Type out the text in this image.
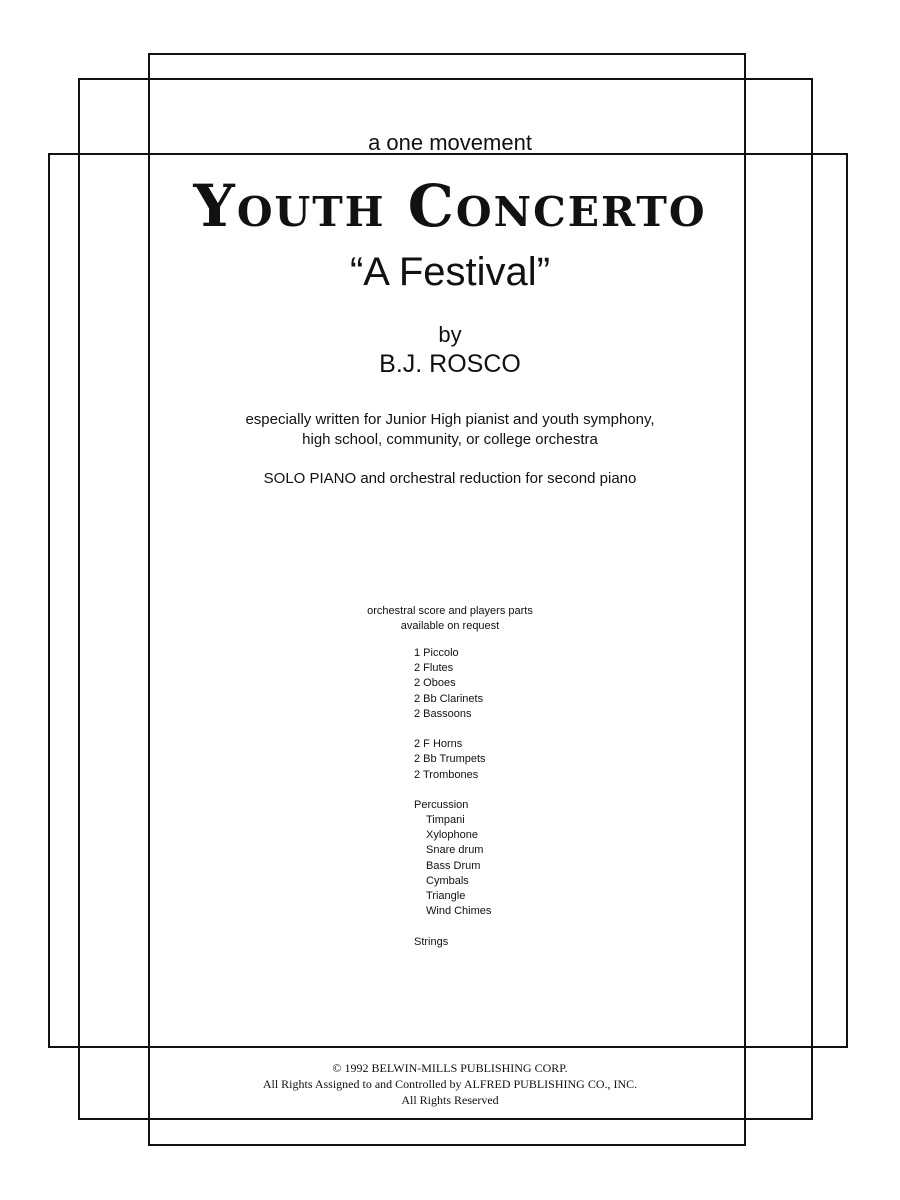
a one movement
Youth Concerto
“A Festival”
by
B.J. ROSCO
especially written for Junior High pianist and youth symphony,
high school, community, or college orchestra
SOLO PIANO and orchestral reduction for second piano
orchestral score and players parts
available on request
1 Piccolo
2 Flutes
2 Oboes
2 Bb Clarinets
2 Bassoons
2 F Horns
2 Bb Trumpets
2 Trombones
Percussion
Timpani
Xylophone
Snare drum
Bass Drum
Cymbals
Triangle
Wind Chimes
Strings
© 1992 BELWIN-MILLS PUBLISHING CORP.
All Rights Assigned to and Controlled by ALFRED PUBLISHING CO., INC.
All Rights Reserved
